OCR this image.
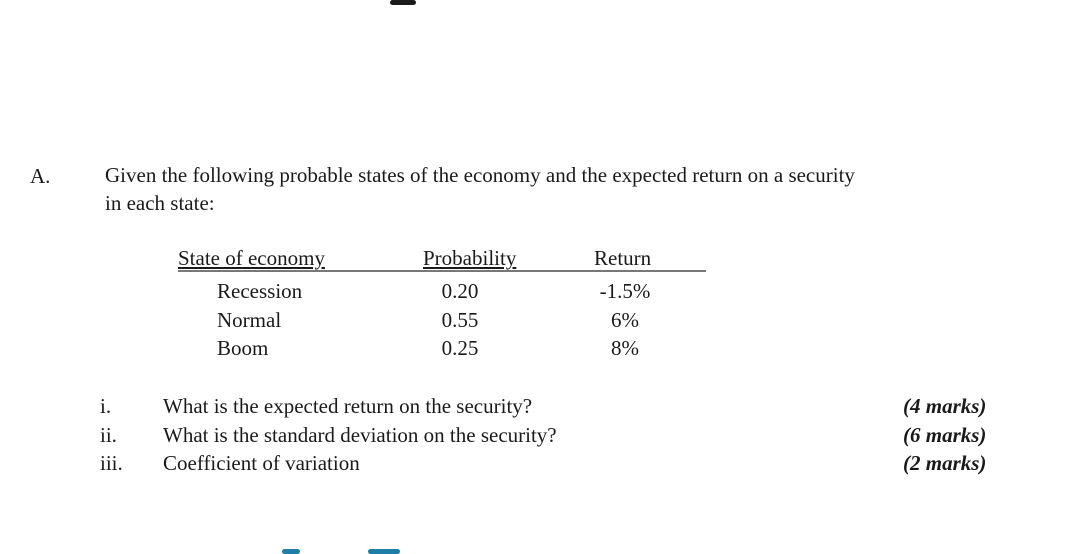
A.	Given the following probable states of the economy and the expected return on a security
in each state:
State of economy	Probability	Return
Recession	0.20	-1.5%
Normal	0.55	6%
Boom	0.25	8%
i. What is the expected return on the security?	(4 marks)
ii. What is the standard deviation on the security?	(6 marks)
iii. Coefficient of variation	(2 marks)
